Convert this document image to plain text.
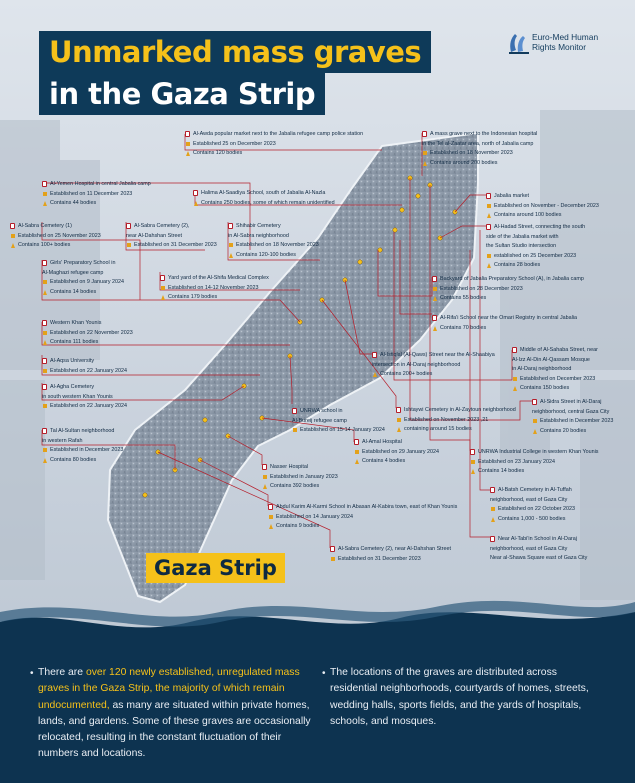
Unmarked mass graves
in the Gaza Strip
Euro-Med Human
Rights Monitor
Al-Awda popular market next to the Jabalia refugee camp police station
Established 25 on December 2023
Contains 120 bodies
A mass grave next to the Indonesian hospital
in the Tel al-Zaatar area, north of Jabalia camp
Established on 18 November 2023
Contains around 200 bodies
Al-Yemen Hospital in central Jabalia camp
Established on 11 December 2023
Contains 44 bodies
Halima Al-Saadiya School, south of Jabalia Al-Nazla
Contains 250 bodies, some of which remain unidentified
Jabalia market
Established on November - December 2023
Contains around 100 bodies
Al-Sabra Cemetery (1)
Established on 25 November 2023
Contains 100+ bodies
Al-Sabra Cemetery (2),
near Al-Dahshan Street
Established on 31 December 2023
Shihabir Cemetery
in Al-Sabra neighborhood
Established on 18 November 2023
Contains 120-100 bodies
Al-Hadad Street, connecting the south
side of the Jabalia market with
the Sultan Studio intersection
established on 25 December 2023
Contains 28 bodies
Girls' Preparatory School in
Al-Maghazi refugee camp
Established on 9 January 2024
Contains 14 bodies
Yard yard of the Al-Shifa Medical Complex
Established on 14-12 November 2023
Contains 179 bodies
Backyard of Jabalia Preparatory School (A), in Jabalia camp
Established on 28 December 2023
Contains 55 bodies
Al-Rifa'i School near the Omari Registry in central Jabalia
Contains 70 bodies
Western Khan Younis
Established on 22 November 2023
Contains 111 bodies
Al-Aqsa University
Established on 22 January 2024
Al-Istiqlal (Al-Qaws) Street near the Al-Shaabiya
intersection in Al-Daraj neighborhood
Contains 200+ bodies
Middle of Al-Sahaba Street, near
Al-Izz Al-Din Al-Qassam Mosque
in Al-Daraj neighborhood
Established on December 2023
Contains 150 bodies
Al-Agha Cemetery
in south western Khan Younis
Established on 22 January 2024
UNRWA school in
Al-Bureij refugee camp
Established on 15-14 January 2024
Ishtaywi Cemetery in Al-Zaytoun neighborhood
Established on November 2023 ,21
containing around 15 bodies
Al-Sidra Street in Al-Daraj
neighborhood, central Gaza City
Established in December 2023
Contains 20 bodies
Tal Al-Sultan neighborhood
in western Rafah
Established in December 2023
Contains 80 bodies
Al-Amal Hospital
Established on 29 January 2024
Contains 4 bodies
UNRWA Industrial College in western Khan Younis
Established on 23 January 2024
Contains 14 bodies
Nasser Hospital
Established in January 2023
Contains 392 bodies
Al-Batsh Cemetery in Al-Tuffah
neighborhood, east of Gaza City
Established on 22 October 2023
Contains 1,000 - 500 bodies
Abdul Karim Al-Karmi School in Abasan Al-Kabira town, east of Khan Younis
Established on 14 January 2024
Contains 9 bodies
Near Al-Tabi'in School in Al-Daraj
neighborhood, east of Gaza City
Near al-Shawa Square east of Gaza City
Al-Sabra Cemetery (2), near Al-Dahshan Street
Established on 31 December 2023
Gaza Strip
• There are over 120 newly established, unregulated mass graves in the Gaza Strip, the majority of which remain undocumented, as many are situated within private homes, lands, and gardens. Some of these graves are occasionally relocated, resulting in the constant fluctuation of their numbers and locations.
• The locations of the graves are distributed across residential neighborhoods, courtyards of homes, streets, wedding halls, sports fields, and the yards of hospitals, schools, and mosques.
